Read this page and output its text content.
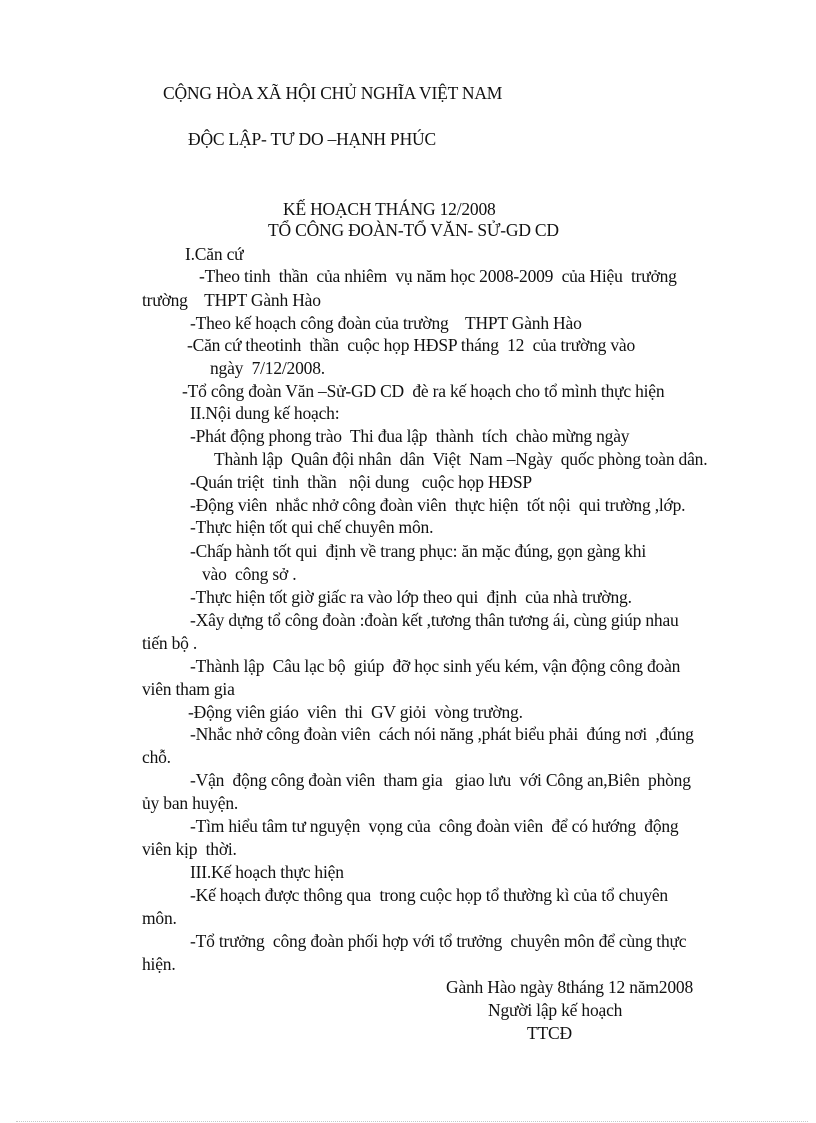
CỘNG HÒA XÃ HỘI CHỦ NGHĨA VIỆT NAM
ĐỘC LẬP- TƯ DO –HẠNH PHÚC
KẾ HOẠCH THÁNG 12/2008
TỔ CÔNG ĐOÀN-TỔ VĂN- SỬ-GD CD
I.Căn cứ
-Theo tinh  thần  của nhiêm  vụ năm học 2008-2009  của Hiệu  trưởng
trường    THPT Gành Hào
-Theo kế hoạch công đoàn của trường    THPT Gành Hào
-Căn cứ theotinh  thần  cuộc họp HĐSP tháng  12  của trường vào
ngày  7/12/2008.
-Tổ công đoàn Văn –Sử-GD CD  đè ra kế hoạch cho tổ mình thực hiện
II.Nội dung kế hoạch:
-Phát động phong trào  Thi đua lập  thành  tích  chào mừng ngày
Thành lập  Quân đội nhân  dân  Việt  Nam –Ngày  quốc phòng toàn dân.
-Quán triệt  tinh  thần   nội dung   cuộc họp HĐSP
-Động viên  nhắc nhở công đoàn viên  thực hiện  tốt nội  qui trường ,lớp.
-Thực hiện tốt qui chế chuyên môn.
-Chấp hành tốt qui  định về trang phục: ăn mặc đúng, gọn gàng khi
vào  công sở .
-Thực hiện tốt giờ giấc ra vào lớp theo qui  định  của nhà trường.
-Xây dựng tổ công đoàn :đoàn kết ,tương thân tương ái, cùng giúp nhau
tiến bộ .
-Thành lập  Câu lạc bộ  giúp  đỡ học sinh yếu kém, vận động công đoàn
viên tham gia
-Động viên giáo  viên  thi  GV giỏi  vòng trường.
-Nhắc nhở công đoàn viên  cách nói năng ,phát biểu phải  đúng nơi  ,đúng
chỗ.
-Vận  động công đoàn viên  tham gia   giao lưu  với Công an,Biên  phòng
ủy ban huyện.
-Tìm hiểu tâm tư nguyện  vọng của  công đoàn viên  để có hướng  động
viên kịp  thời.
III.Kế hoạch thực hiện
-Kế hoạch được thông qua  trong cuộc họp tổ thường kì của tổ chuyên
môn.
-Tổ trưởng  công đoàn phối hợp với tổ trưởng  chuyên môn để cùng thực
hiện.
Gành Hào ngày 8tháng 12 năm2008
Người lập kế hoạch
TTCĐ
